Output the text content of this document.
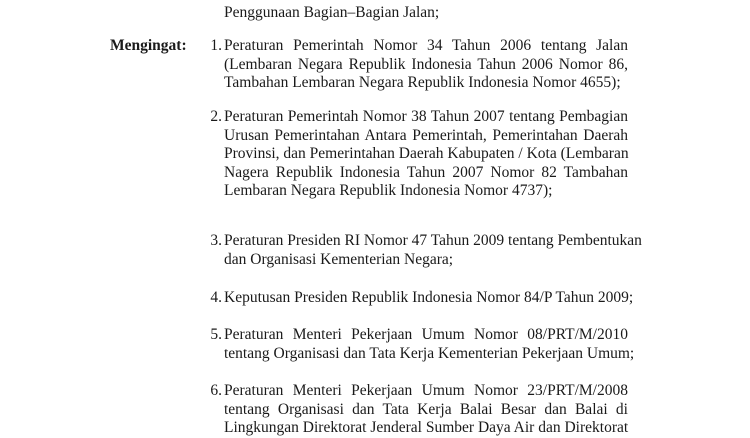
Penggunaan Bagian–Bagian Jalan;
Mengingat:	1. Peraturan Pemerintah Nomor 34 Tahun 2006 tentang Jalan
(Lembaran Negara Republik Indonesia Tahun 2006 Nomor 86,
Tambahan Lembaran Negara Republik Indonesia Nomor 4655);
2. Peraturan Pemerintah Nomor 38 Tahun 2007 tentang Pembagian
Urusan Pemerintahan Antara Pemerintah, Pemerintahan Daerah
Provinsi, dan Pemerintahan Daerah Kabupaten / Kota (Lembaran
Nagera Republik Indonesia Tahun 2007 Nomor 82 Tambahan
Lembaran Negara Republik Indonesia Nomor 4737);
3. Peraturan Presiden RI Nomor 47 Tahun 2009 tentang Pembentukan
dan Organisasi Kementerian Negara;
4. Keputusan Presiden Republik Indonesia Nomor 84/P Tahun 2009;
5. Peraturan Menteri Pekerjaan Umum Nomor 08/PRT/M/2010
tentang Organisasi dan Tata Kerja Kementerian Pekerjaan Umum;
6. Peraturan Menteri Pekerjaan Umum Nomor 23/PRT/M/2008
tentang Organisasi dan Tata Kerja Balai Besar dan Balai di
Lingkungan Direktorat Jenderal Sumber Daya Air dan Direktorat
